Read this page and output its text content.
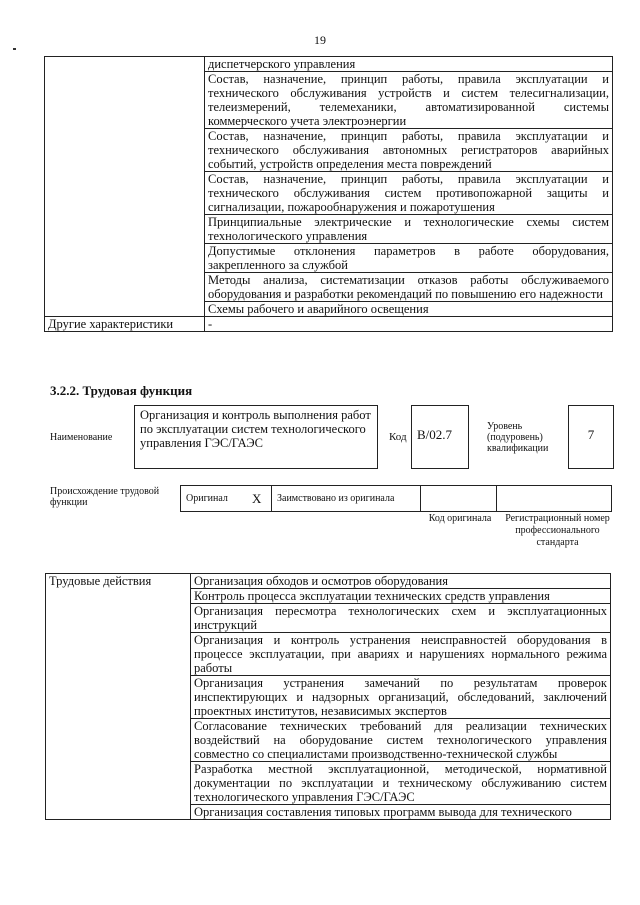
19
	диспетчерского управления
	Состав, назначение, принцип работы, правила эксплуатации и технического обслуживания устройств и систем телесигнализации, телеизмерений, телемеханики, автоматизированной системы коммерческого учета электроэнергии
	Состав, назначение, принцип работы, правила эксплуатации и технического обслуживания автономных регистраторов аварийных событий, устройств определения места повреждений
	Состав, назначение, принцип работы, правила эксплуатации и технического обслуживания систем противопожарной защиты и сигнализации, пожарообнаружения и пожаротушения
	Принципиальные электрические и технологические схемы систем технологического управления
	Допустимые отклонения параметров в работе оборудования, закрепленного за службой
	Методы анализа, систематизации отказов работы обслуживаемого оборудования и разработки рекомендаций по повышению его надежности
	Схемы рабочего и аварийного освещения
Другие характеристики	-
3.2.2. Трудовая функция
Наименование
Организация и контроль выполнения работ по эксплуатации систем технологического управления ГЭС/ГАЭС	Код B/02.7
Уровень (подуровень) квалификации
7
Происхождение трудовой функции	Оригинал	X	Заимствовано из оригинала		
Код оригинала	Регистрационный номер профессионального стандарта
Трудовые действия	Организация обходов и осмотров оборудования
Контроль процесса эксплуатации технических средств управления
Организация пересмотра технологических схем и эксплуатационных инструкций
Организация и контроль устранения неисправностей оборудования в процессе эксплуатации, при авариях и нарушениях нормального режима работы
Организация устранения замечаний по результатам проверок инспектирующих и надзорных организаций, обследований, заключений проектных институтов, независимых экспертов
Согласование технических требований для реализации технических воздействий на оборудование систем технологического управления совместно со специалистами производственно-технической службы
Разработка местной эксплуатационной, методической, нормативной документации по эксплуатации и техническому обслуживанию систем технологического управления ГЭС/ГАЭС
Организация составления типовых программ вывода для технического
